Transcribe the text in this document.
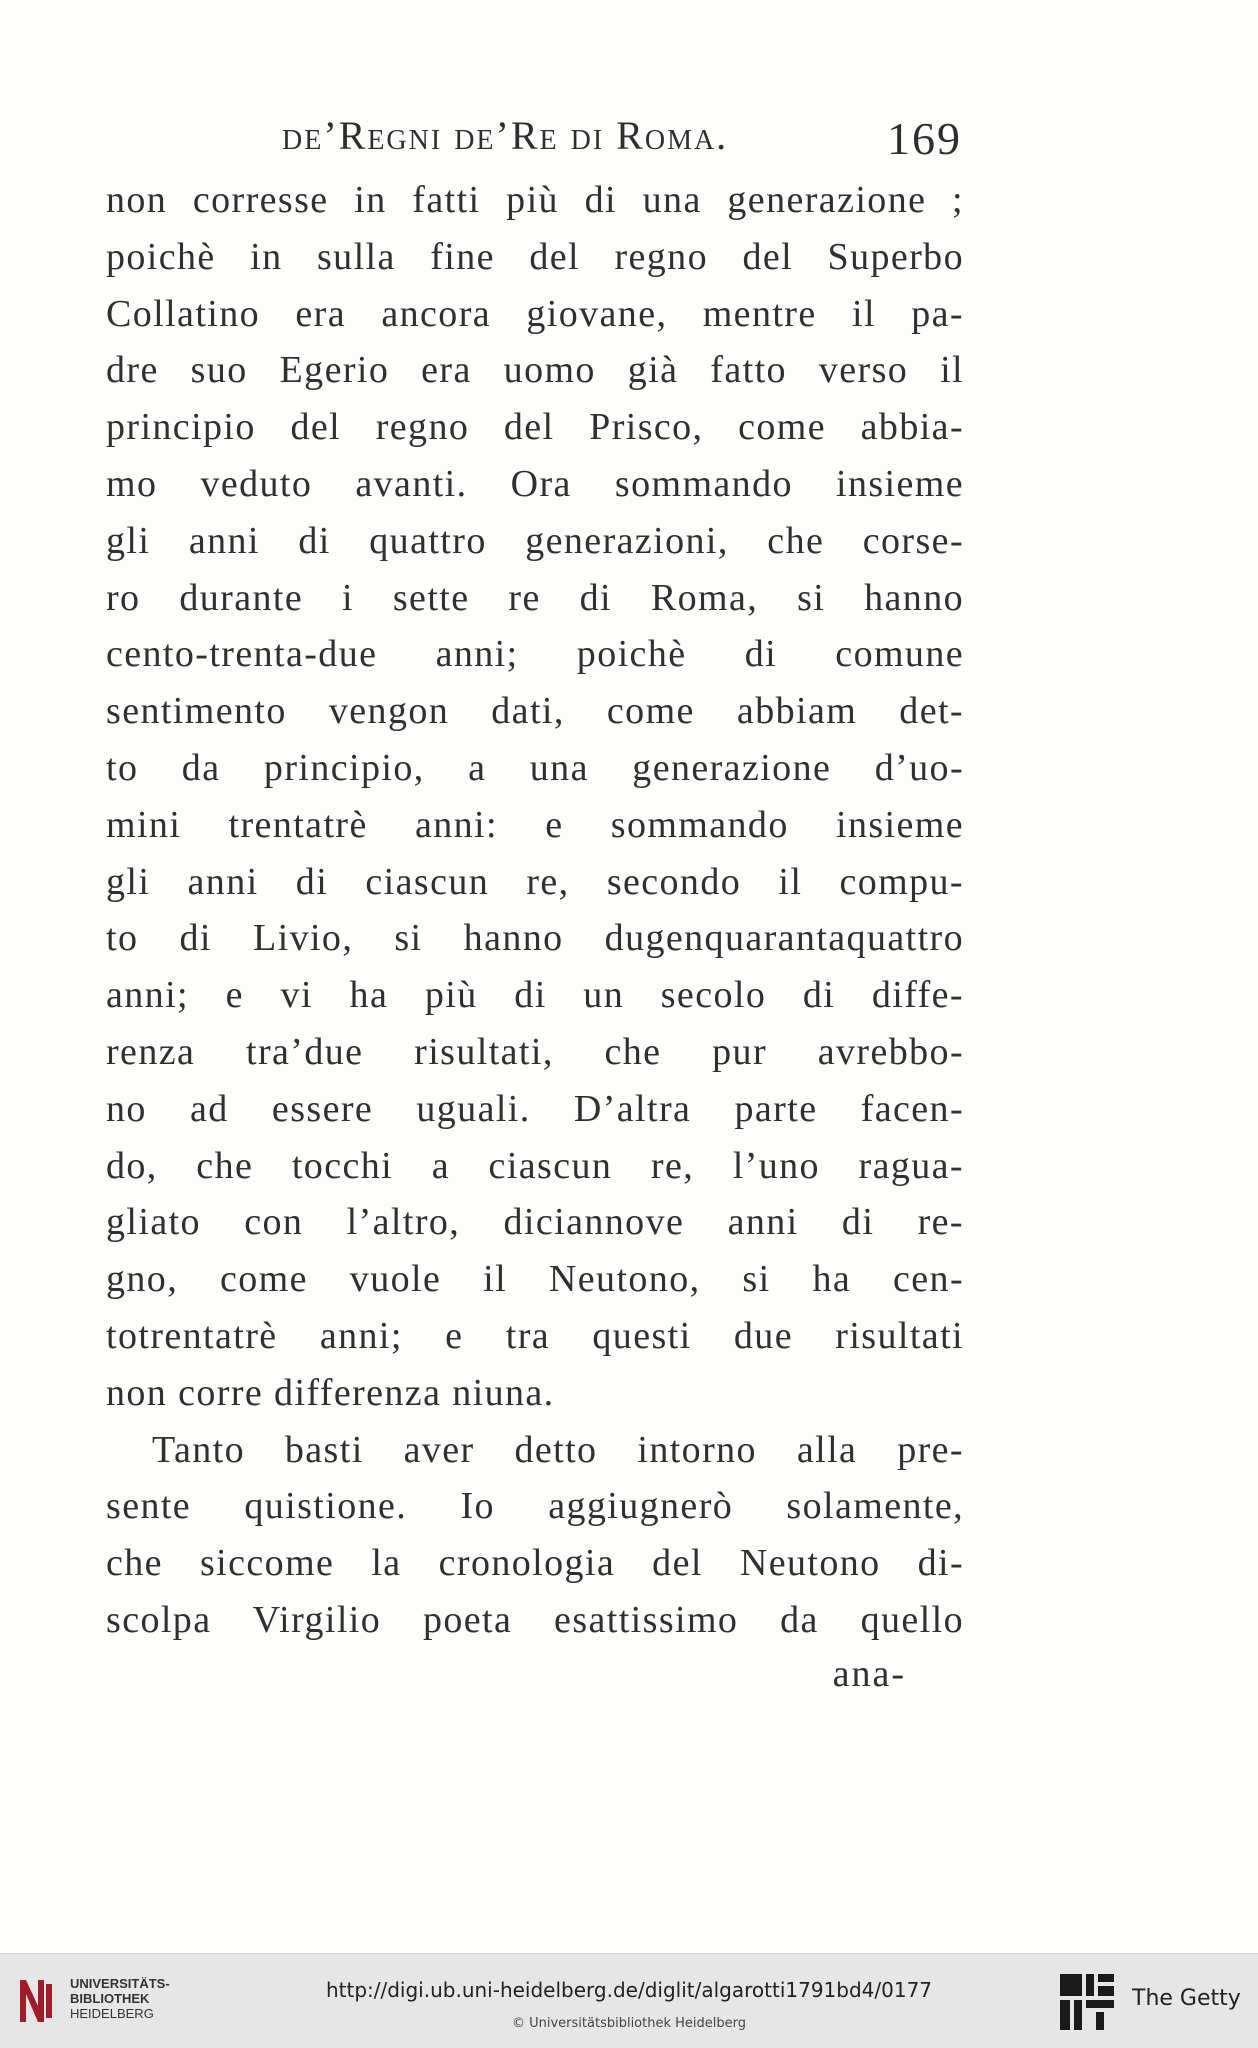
de’Regni de’Re di Roma.	169
non corresse in fatti più di una generazione ;
poichè in sulla fine del regno del Superbo
Collatino era ancora giovane, mentre il pa-
dre suo Egerio era uomo già fatto verso il
principio del regno del Prisco, come abbia-
mo veduto avanti. Ora sommando insieme
gli anni di quattro generazioni, che corse-
ro durante i sette re di Roma, si hanno
cento-trenta-due anni; poichè di comune
sentimento vengon dati, come abbiam det-
to da principio, a una generazione d’uo-
mini trentatrè anni: e sommando insieme
gli anni di ciascun re, secondo il compu-
to di Livio, si hanno dugenquarantaquattro
anni; e vi ha più di un secolo di diffe-
renza tra’due risultati, che pur avrebbo-
no ad essere uguali. D’altra parte facen-
do, che tocchi a ciascun re, l’uno ragua-
gliato con l’altro, diciannove anni di re-
gno, come vuole il Neutono, si ha cen-
totrentatrè anni; e tra questi due risultati
non corre differenza niuna.
Tanto basti aver detto intorno alla pre-
sente quistione. Io aggiugnerò solamente,
che siccome la cronologia del Neutono di-
scolpa Virgilio poeta esattissimo da quello
ana-
UNIVERSITÄTS-
BIBLIOTHEK
HEIDELBERG
http://digi.ub.uni-heidelberg.de/diglit/algarotti1791bd4/0177
© Universitätsbibliothek Heidelberg
The Getty
